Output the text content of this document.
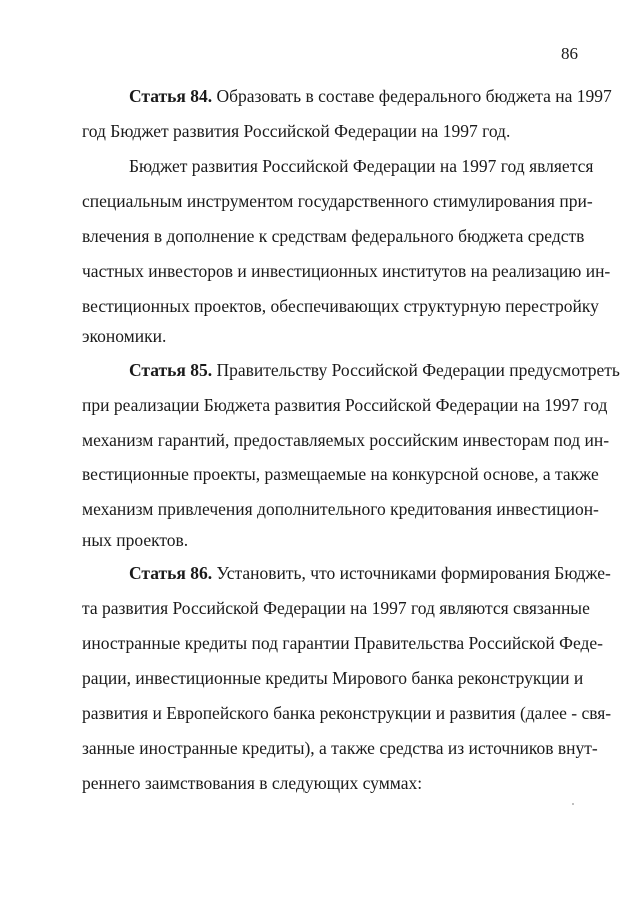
86
Статья 84. Образовать в составе федерального бюджета на 1997
год Бюджет развития Российской Федерации на 1997 год.
Бюджет развития Российской Федерации на 1997 год является
специальным инструментом государственного стимулирования при-
влечения в дополнение к средствам федерального бюджета средств
частных инвесторов и инвестиционных институтов на реализацию ин-
вестиционных проектов, обеспечивающих структурную перестройку
экономики.
Статья 85. Правительству Российской Федерации предусмотреть
при реализации Бюджета развития Российской Федерации на 1997 год
механизм гарантий, предоставляемых российским инвесторам под ин-
вестиционные проекты, размещаемые на конкурсной основе, а также
механизм привлечения дополнительного кредитования инвестицион-
ных проектов.
Статья 86. Установить, что источниками формирования Бюдже-
та развития Российской Федерации на 1997 год являются связанные
иностранные кредиты под гарантии Правительства Российской Феде-
рации, инвестиционные кредиты Мирового банка реконструкции и
развития и Европейского банка реконструкции и развития (далее - свя-
занные иностранные кредиты), а также средства из источников внут-
реннего заимствования в следующих суммах:
